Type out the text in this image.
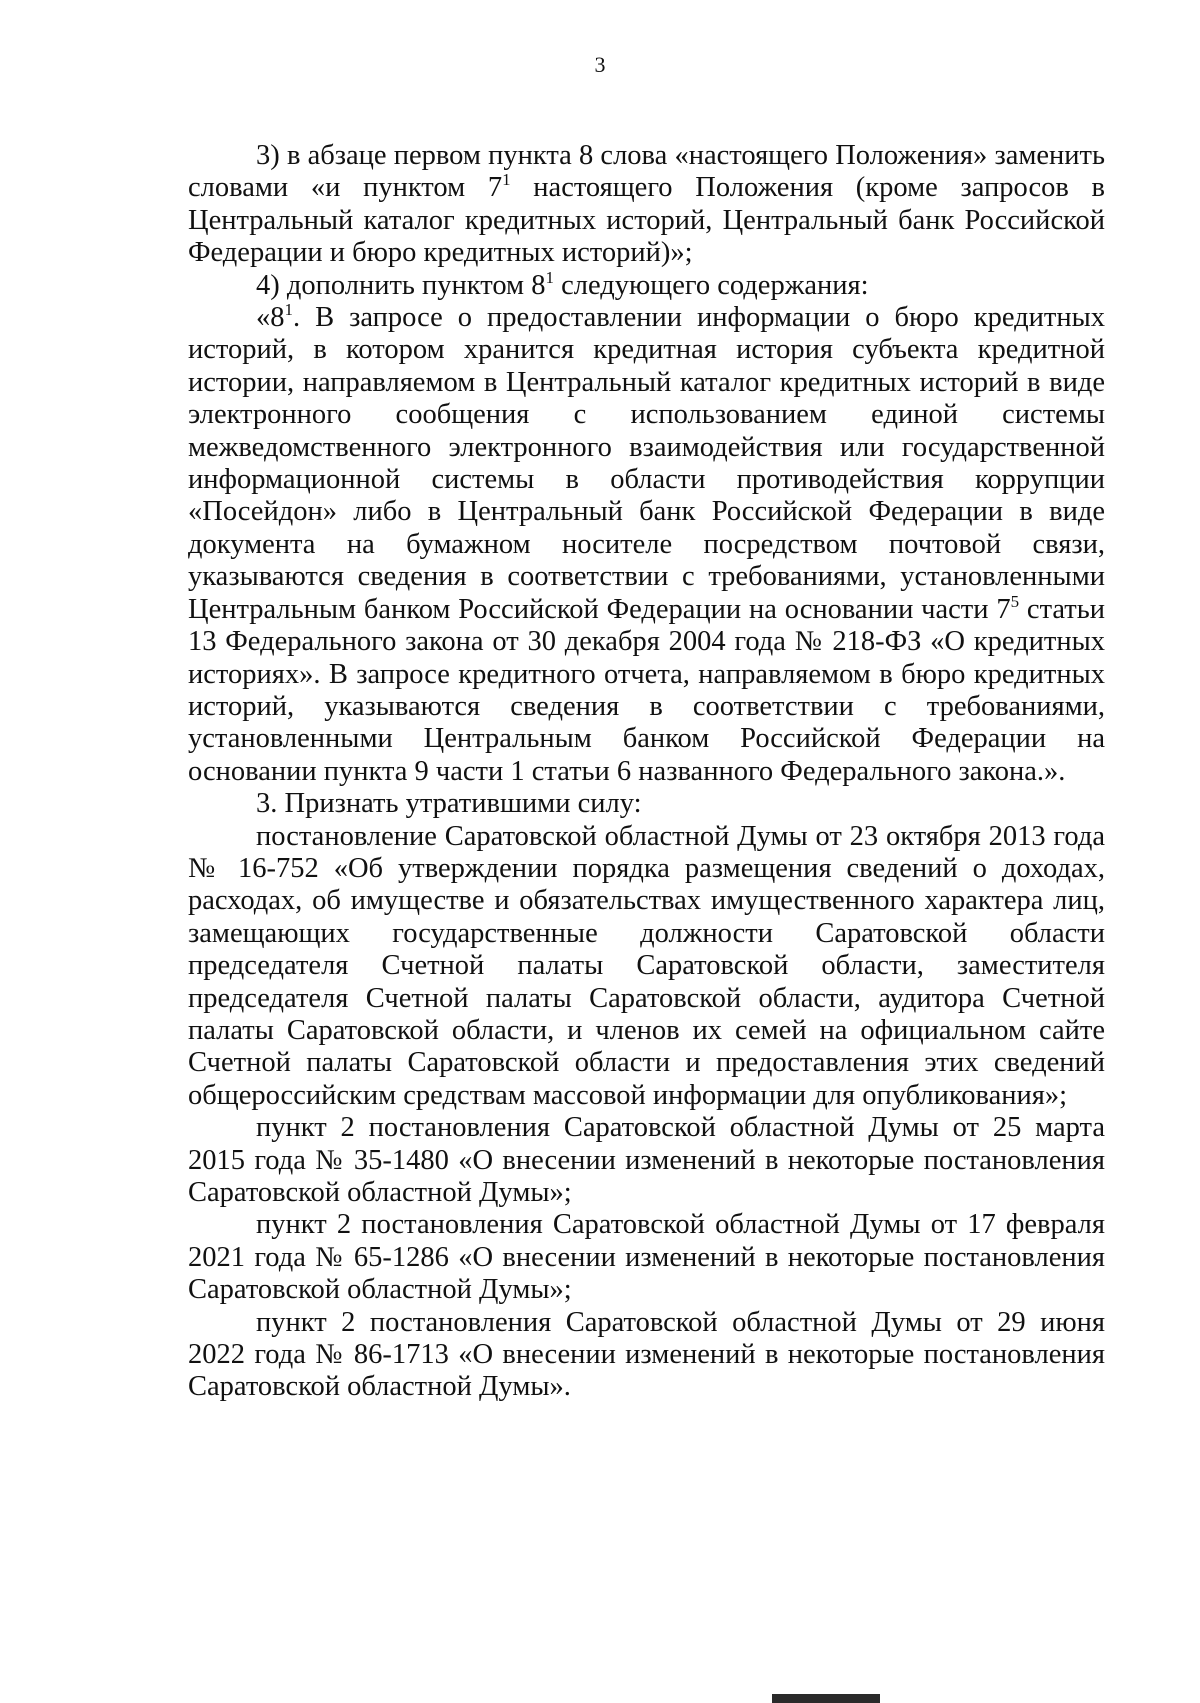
3

3) в абзаце первом пункта 8 слова «настоящего Положения» заменить словами «и пунктом $7^1$ настоящего Положения (кроме запросов в Центральный каталог кредитных историй, Центральный банк Российской Федерации и бюро кредитных историй)»;

4) дополнить пунктом $8^1$ следующего содержания:

«$8^1$. В запросе о предоставлении информации о бюро кредитных историй, в котором хранится кредитная история субъекта кредитной истории, направляемом в Центральный каталог кредитных историй в виде электронного сообщения с использованием единой системы межведомственного электронного взаимодействия или государственной информационной системы в области противодействия коррупции «Посейдон» либо в Центральный банк Российской Федерации в виде документа на бумажном носителе посредством почтовой связи, указываются сведения в соответствии с требованиями, установленными Центральным банком Российской Федерации на основании части $7^5$ статьи 13 Федерального закона от 30 декабря 2004 года № 218-ФЗ «О кредитных историях». В запросе кредитного отчета, направляемом в бюро кредитных историй, указываются сведения в соответствии с требованиями, установленными Центральным банком Российской Федерации на основании пункта 9 части 1 статьи 6 названного Федерального закона.».

3. Признать утратившими силу:

постановление Саратовской областной Думы от 23 октября 2013 года № 16-752 «Об утверждении порядка размещения сведений о доходах, расходах, об имуществе и обязательствах имущественного характера лиц, замещающих государственные должности Саратовской области председателя Счетной палаты Саратовской области, заместителя председателя Счетной палаты Саратовской области, аудитора Счетной палаты Саратовской области, и членов их семей на официальном сайте Счетной палаты Саратовской области и предоставления этих сведений общероссийским средствам массовой информации для опубликования»;

пункт 2 постановления Саратовской областной Думы от 25 марта 2015 года № 35-1480 «О внесении изменений в некоторые постановления Саратовской областной Думы»;

пункт 2 постановления Саратовской областной Думы от 17 февраля 2021 года № 65-1286 «О внесении изменений в некоторые постановления Саратовской областной Думы»;

пункт 2 постановления Саратовской областной Думы от 29 июня 2022 года № 86-1713 «О внесении изменений в некоторые постановления Саратовской областной Думы».
